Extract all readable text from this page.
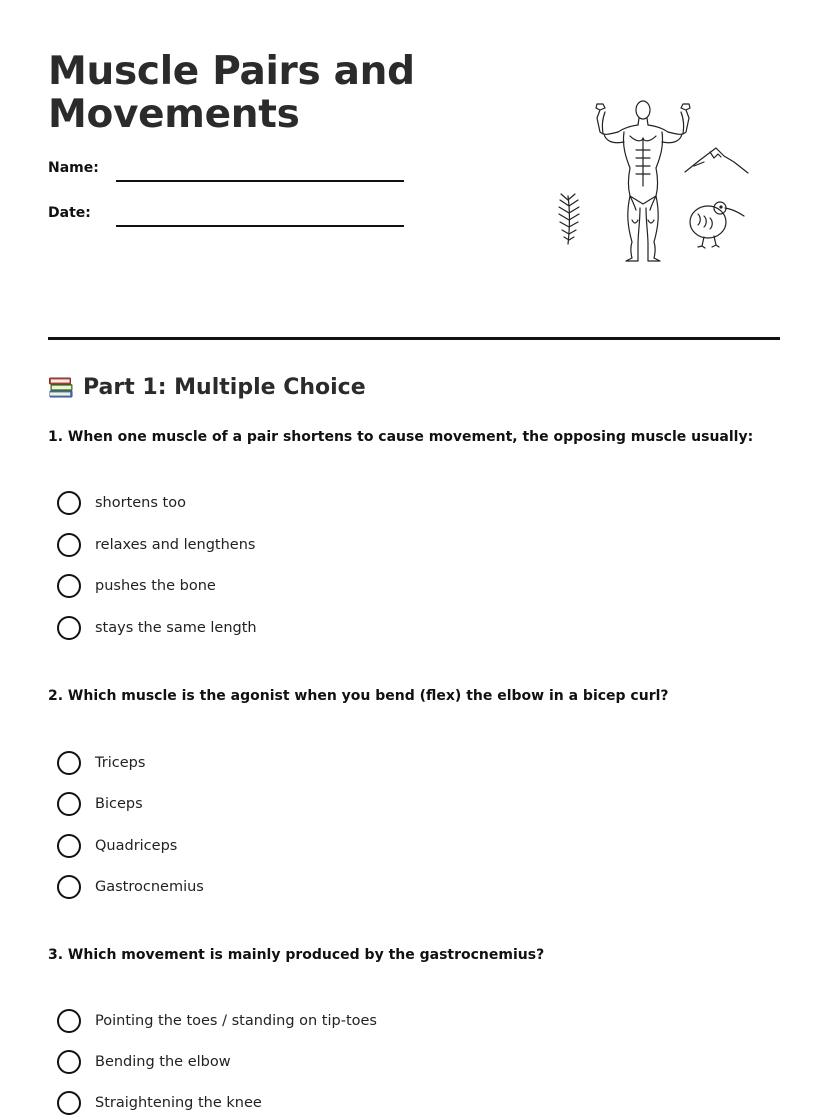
Muscle Pairs and Movements
Name:
Date:
Part 1: Multiple Choice

1. When one muscle of a pair shortens to cause movement, the opposing muscle usually:

shortens too
relaxes and lengthens
pushes the bone
stays the same length

2. Which muscle is the agonist when you bend (flex) the elbow in a bicep curl?

Triceps
Biceps
Quadriceps
Gastrocnemius

3. Which movement is mainly produced by the gastrocnemius?

Pointing the toes / standing on tip-toes
Bending the elbow
Straightening the knee
